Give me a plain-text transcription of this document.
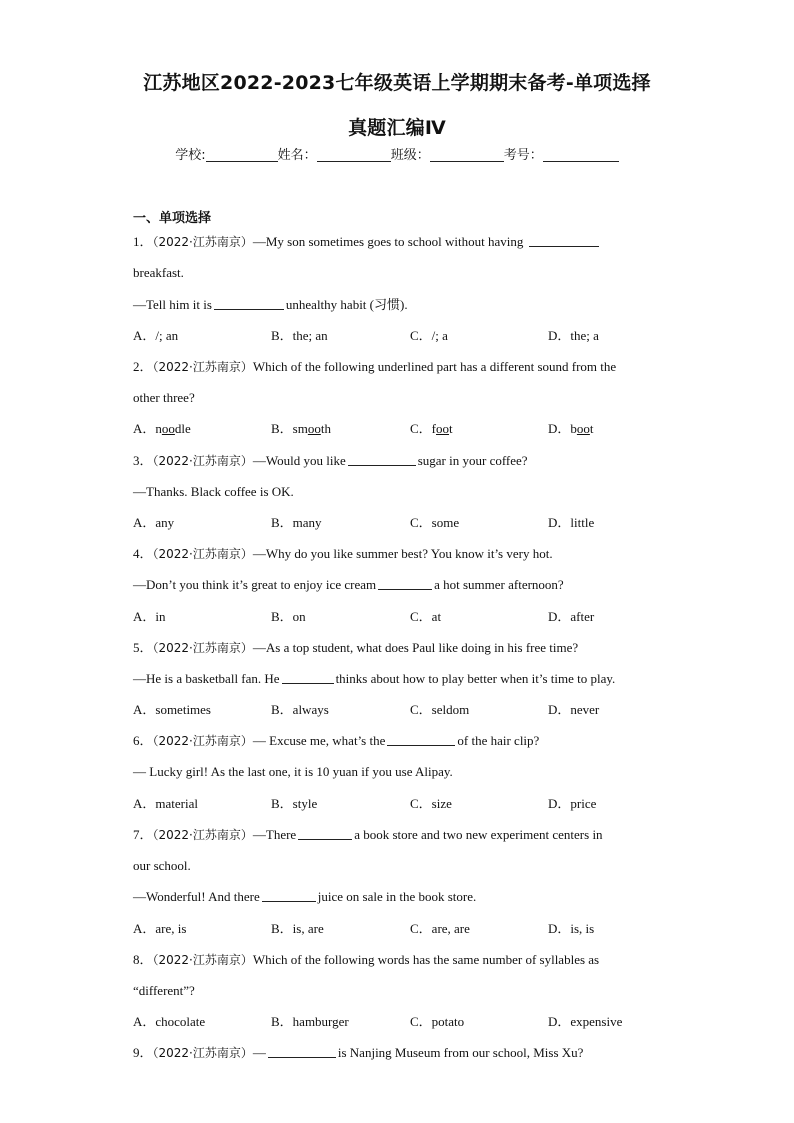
江苏地区2022-2023七年级英语上学期期末备考-单项选择
真题汇编Ⅳ
学校:	姓名：	班级：	考号：
一、单项选择
1．（2022·江苏南京）—My son sometimes goes to school without having
breakfast.
—Tell him it is	unhealthy habit (习惯).
A．/; an	B．the; an	C．/; a	D．the; a
2．（2022·江苏南京）Which of the following underlined part has a different sound from the
other three?
A．noodle	B．smooth	C．foot	D．boot
3．（2022·江苏南京）—Would you like	sugar in your coffee?
—Thanks. Black coffee is OK.
A．any	B．many	C．some	D．little
4．（2022·江苏南京）—Why do you like summer best? You know it’s very hot.
—Don’t you think it’s great to enjoy ice cream	a hot summer afternoon?
A．in	B．on	C．at	D．after
5．（2022·江苏南京）—As a top student, what does Paul like doing in his free time?
—He is a basketball fan. He	thinks about how to play better when it’s time to play.
A．sometimes	B．always	C．seldom	D．never
6．（2022·江苏南京）— Excuse me, what’s the	of the hair clip?
— Lucky girl! As the last one, it is 10 yuan if you use Alipay.
A．material	B．style	C．size	D．price
7．（2022·江苏南京）—There	a book store and two new experiment centers in
our school.
—Wonderful! And there	juice on sale in the book store.
A．are, is	B．is, are	C．are, are	D．is, is
8．（2022·江苏南京）Which of the following words has the same number of syllables as
“different”?
A．chocolate	B．hamburger	C．potato	D．expensive
9．（2022·江苏南京）—	is Nanjing Museum from our school, Miss Xu?
